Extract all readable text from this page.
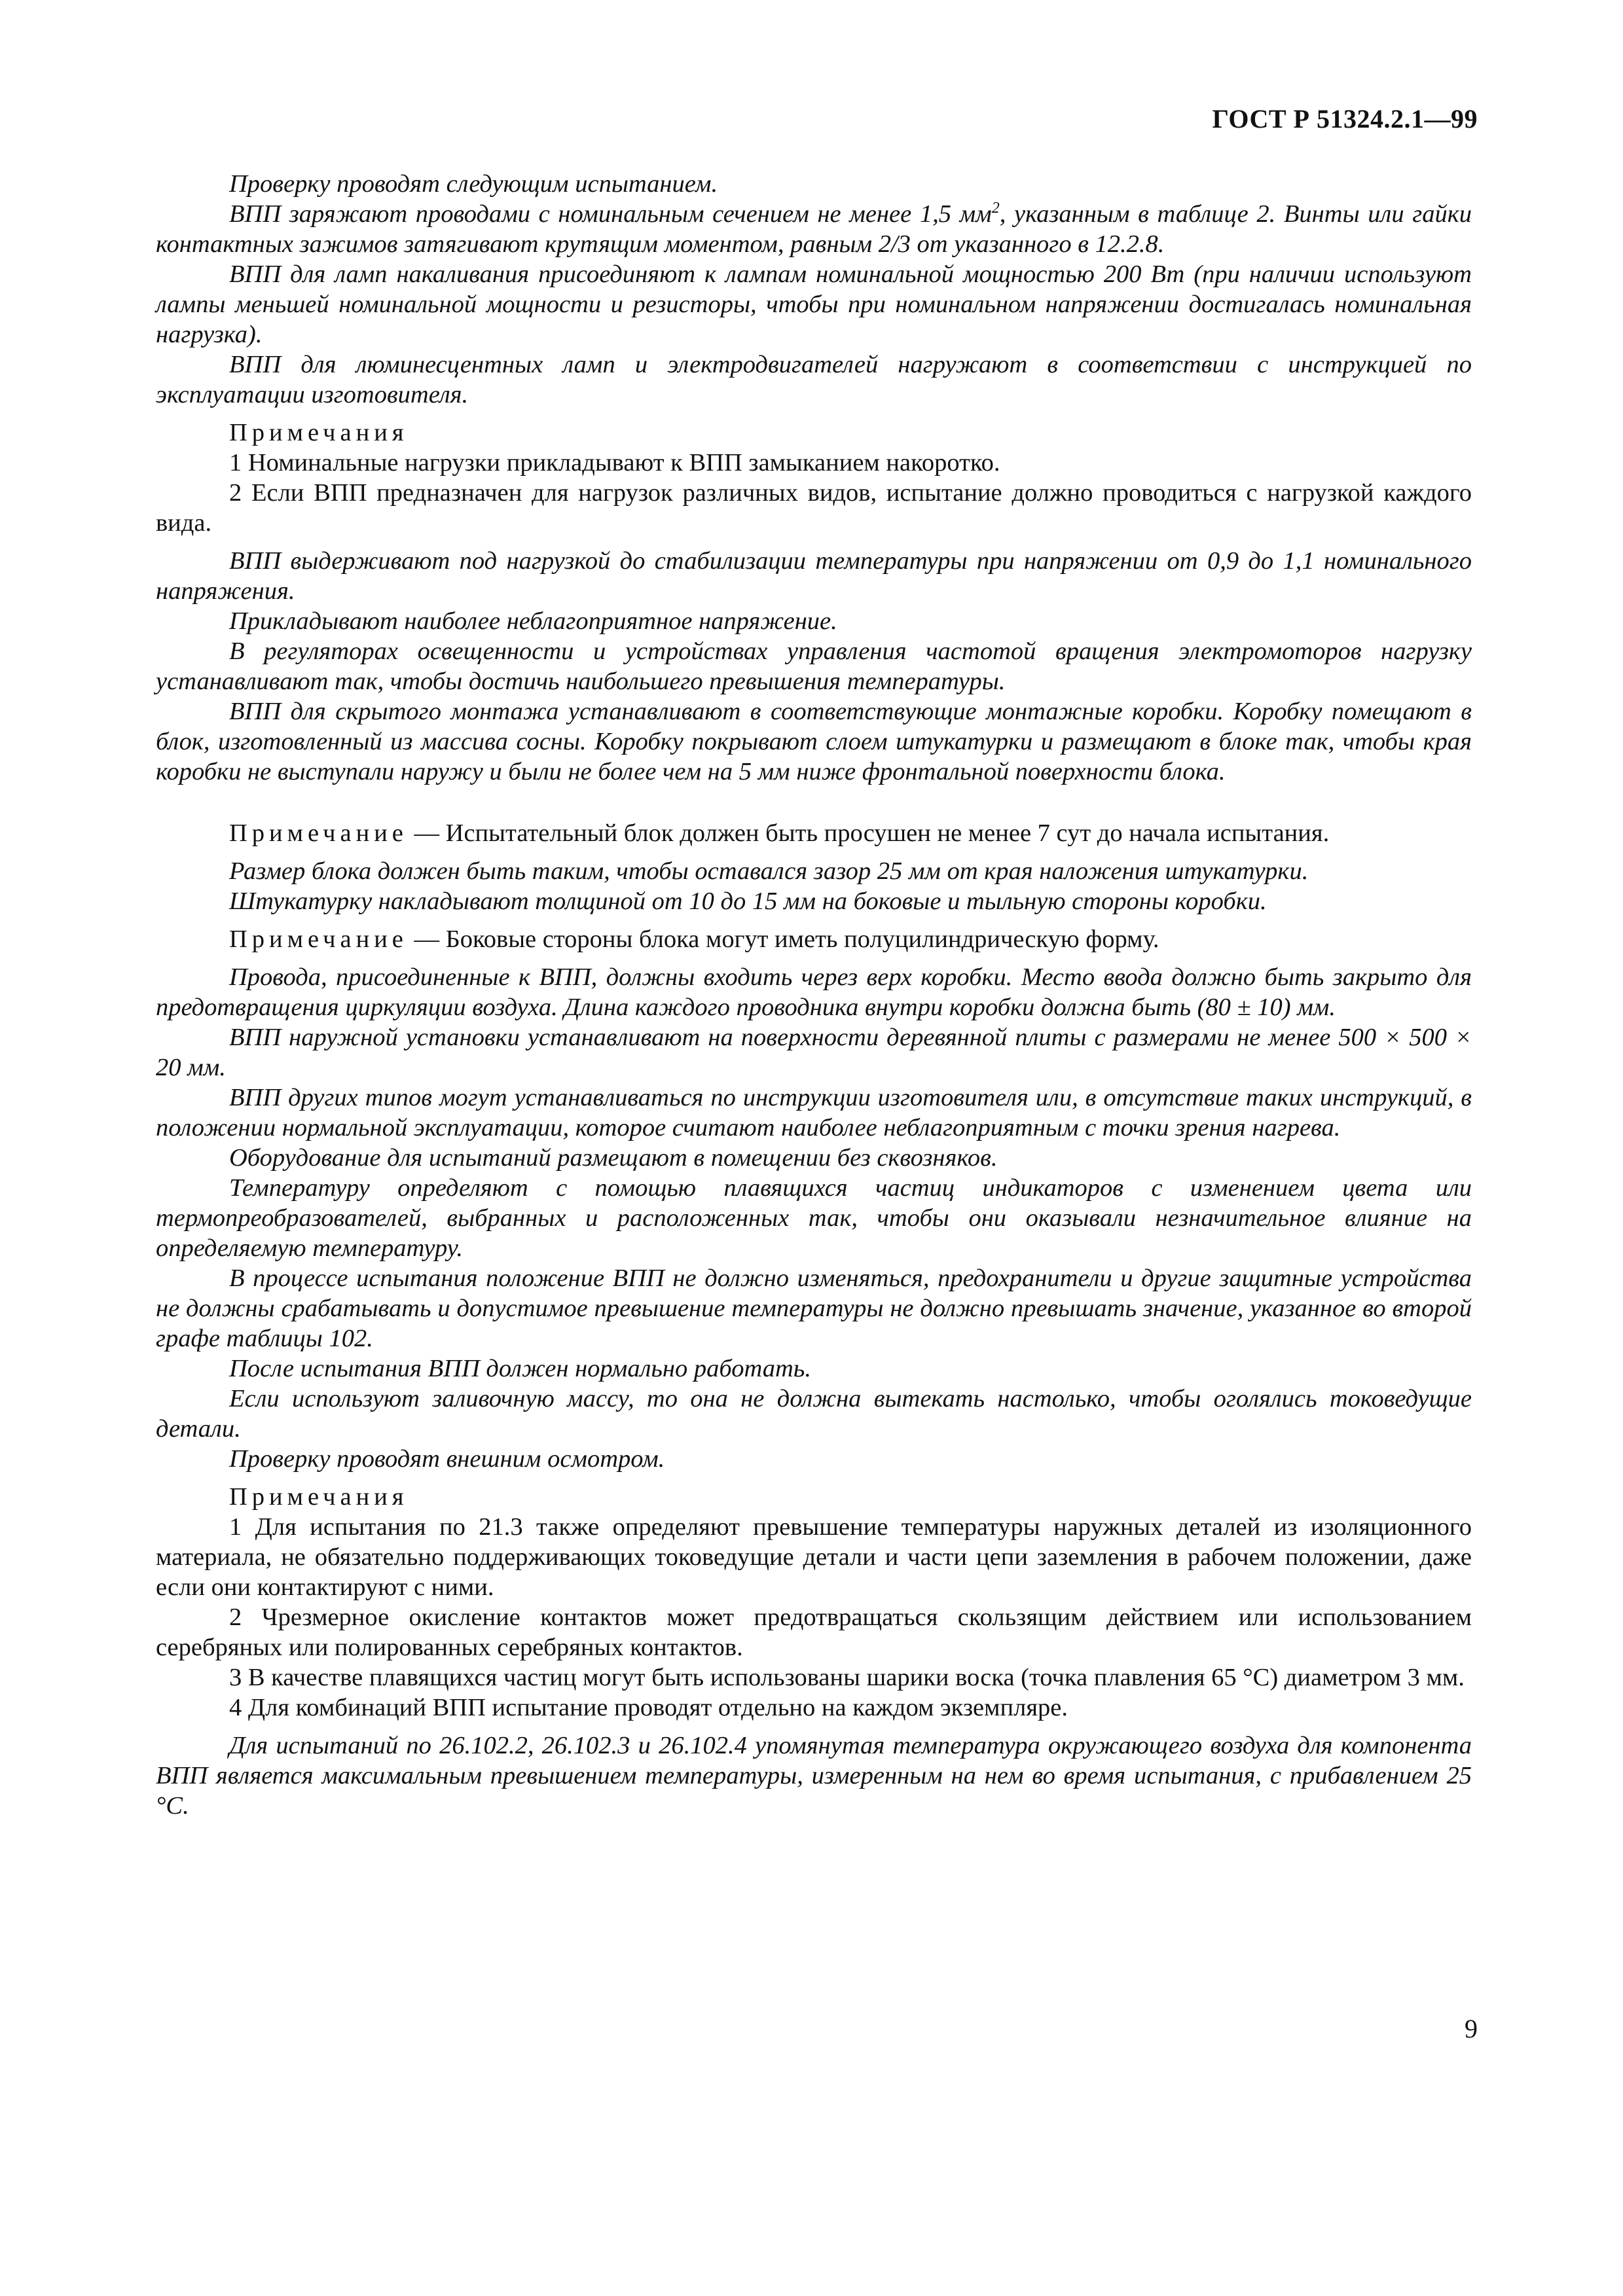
ГОСТ Р 51324.2.1—99

Проверку проводят следующим испытанием.

ВПП заряжают проводами с номинальным сечением не менее 1,5 $мм^2$, указанным в таблице 2. Винты или гайки контактных зажимов затягивают крутящим моментом, равным 2/3 от указанного в 12.2.8.

ВПП для ламп накаливания присоединяют к лампам номинальной мощностью 200 Вт (при наличии используют лампы меньшей номинальной мощности и резисторы, чтобы при номинальном напряжении достигалась номинальная нагрузка).

ВПП для люминесцентных ламп и электродвигателей нагружают в соответствии с инструкцией по эксплуатации изготовителя.

Примечания

1 Номинальные нагрузки прикладывают к ВПП замыканием накоротко.

2 Если ВПП предназначен для нагрузок различных видов, испытание должно проводиться с нагрузкой каждого вида.

ВПП выдерживают под нагрузкой до стабилизации температуры при напряжении от 0,9 до 1,1 номинального напряжения.

Прикладывают наиболее неблагоприятное напряжение.

В регуляторах освещенности и устройствах управления частотой вращения электромоторов нагрузку устанавливают так, чтобы достичь наибольшего превышения температуры.

ВПП для скрытого монтажа устанавливают в соответствующие монтажные коробки. Коробку помещают в блок, изготовленный из массива сосны. Коробку покрывают слоем штукатурки и размещают в блоке так, чтобы края коробки не выступали наружу и были не более чем на 5 мм ниже фронтальной поверхности блока.

Примечание — Испытательный блок должен быть просушен не менее 7 сут до начала испытания.

Размер блока должен быть таким, чтобы оставался зазор 25 мм от края наложения штукатурки.

Штукатурку накладывают толщиной от 10 до 15 мм на боковые и тыльную стороны коробки.

Примечание — Боковые стороны блока могут иметь полуцилиндрическую форму.

Провода, присоединенные к ВПП, должны входить через верх коробки. Место ввода должно быть закрыто для предотвращения циркуляции воздуха. Длина каждого проводника внутри коробки должна быть (80 ± 10) мм.

ВПП наружной установки устанавливают на поверхности деревянной плиты с размерами не менее 500 × 500 × 20 мм.

ВПП других типов могут устанавливаться по инструкции изготовителя или, в отсутствие таких инструкций, в положении нормальной эксплуатации, которое считают наиболее неблагоприятным с точки зрения нагрева.

Оборудование для испытаний размещают в помещении без сквозняков.

Температуру определяют с помощью плавящихся частиц индикаторов с изменением цвета или термопреобразователей, выбранных и расположенных так, чтобы они оказывали незначительное влияние на определяемую температуру.

В процессе испытания положение ВПП не должно изменяться, предохранители и другие защитные устройства не должны срабатывать и допустимое превышение температуры не должно превышать значение, указанное во второй графе таблицы 102.

После испытания ВПП должен нормально работать.

Если используют заливочную массу, то она не должна вытекать настолько, чтобы оголялись токоведущие детали.

Проверку проводят внешним осмотром.

Примечания

1 Для испытания по 21.3 также определяют превышение температуры наружных деталей из изоляционного материала, не обязательно поддерживающих токоведущие детали и части цепи заземления в рабочем положении, даже если они контактируют с ними.

2 Чрезмерное окисление контактов может предотвращаться скользящим действием или использованием серебряных или полированных серебряных контактов.

3 В качестве плавящихся частиц могут быть использованы шарики воска (точка плавления 65 °С) диаметром 3 мм.

4 Для комбинаций ВПП испытание проводят отдельно на каждом экземпляре.

Для испытаний по 26.102.2, 26.102.3 и 26.102.4 упомянутая температура окружающего воздуха для компонента ВПП является максимальным превышением температуры, измеренным на нем во время испытания, с прибавлением 25 °С.

9
